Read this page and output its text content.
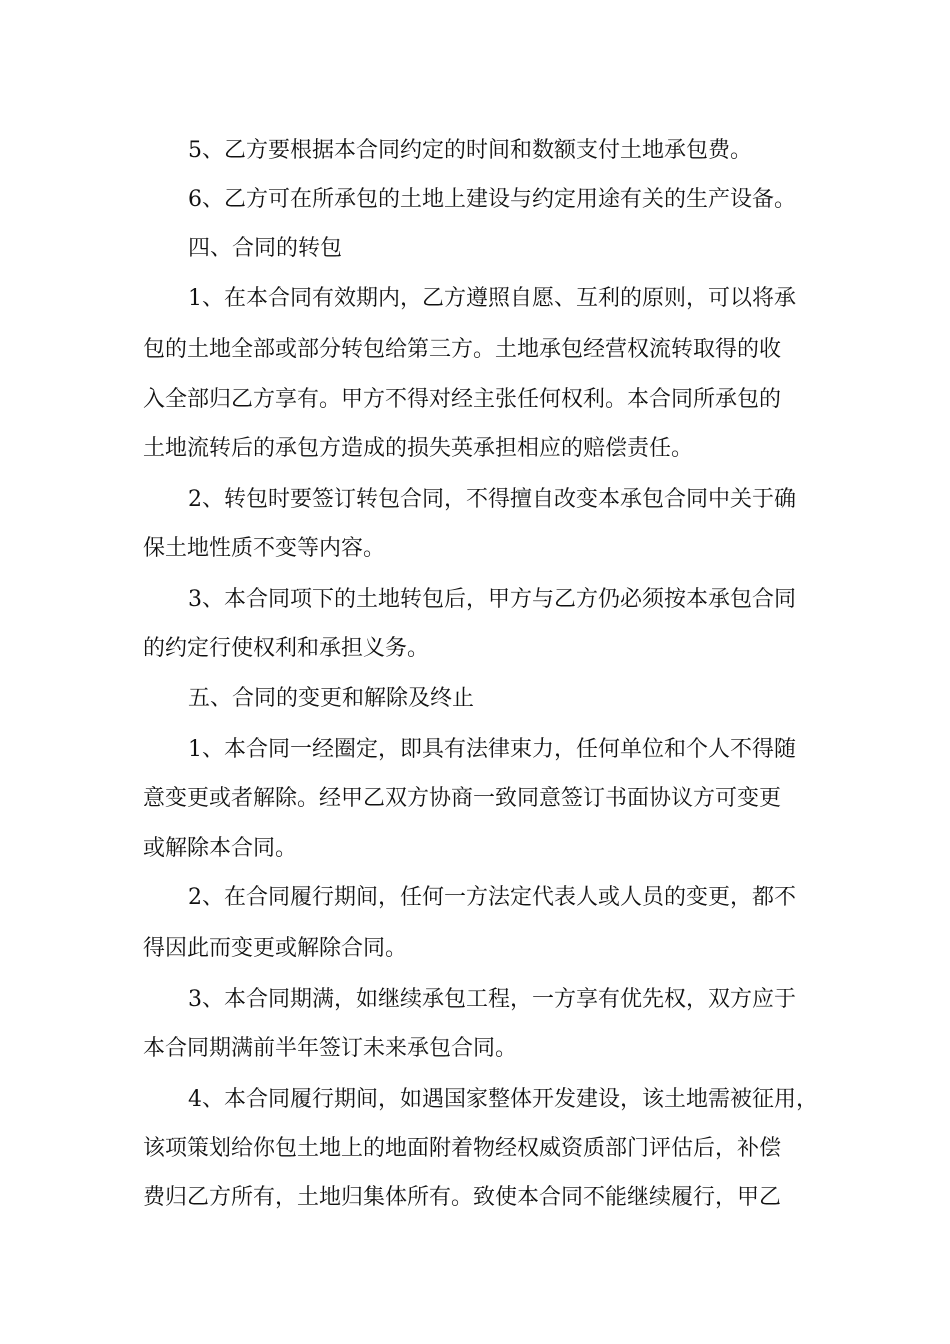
5、乙方要根据本合同约定的时间和数额支付土地承包费。
6、乙方可在所承包的土地上建设与约定用途有关的生产设备。
四、合同的转包
1、在本合同有效期内，乙方遵照自愿、互利的原则，可以将承
包的土地全部或部分转包给第三方。土地承包经营权流转取得的收
入全部归乙方享有。甲方不得对经主张任何权利。本合同所承包的
土地流转后的承包方造成的损失英承担相应的赔偿责任。
2、转包时要签订转包合同，不得擅自改变本承包合同中关于确
保土地性质不变等内容。
3、本合同项下的土地转包后，甲方与乙方仍必须按本承包合同
的约定行使权利和承担义务。
五、合同的变更和解除及终止
1、本合同一经圈定，即具有法律束力，任何单位和个人不得随
意变更或者解除。经甲乙双方协商一致同意签订书面协议方可变更
或解除本合同。
2、在合同履行期间，任何一方法定代表人或人员的变更，都不
得因此而变更或解除合同。
3、本合同期满，如继续承包工程，一方享有优先权，双方应于
本合同期满前半年签订未来承包合同。
4、本合同履行期间，如遇国家整体开发建设，该土地需被征用，
该项策划给你包土地上的地面附着物经权威资质部门评估后，补偿
费归乙方所有，土地归集体所有。致使本合同不能继续履行，甲乙
